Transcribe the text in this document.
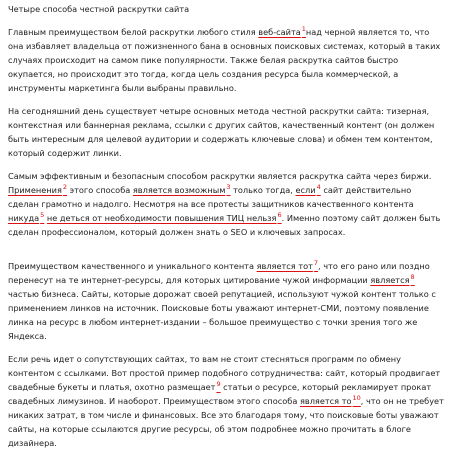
Четыре способа честной раскрутки сайта
Главным преимуществом белой раскрутки любого стиля веб-сайта$^1$над черной является то, что она избавляет владельца от пожизненного бана в основных поисковых системах, который в таких случаях происходит на самом пике популярности. Также белая раскрутка сайтов быстро окупается, но происходит это тогда, когда цель создания ресурса была коммерческой, а инструменты маркетинга были выбраны правильно.
На сегодняшний день существует четыре основных метода честной раскрутки сайта: тизерная, контекстная или баннерная реклама, ссылки с других сайтов, качественный контент (он должен быть интересным для целевой аудитории и содержать ключевые слова) и обмен тем контентом, который содержит линки.
Самым эффективным и безопасным способом раскрутки является раскрутка сайта через биржи. Применения$^2$ этого способа является возможным$^3$ только тогда, если$^4$ сайт действительно сделан грамотно и надолго. Несмотря на все протесты защитников качественного контента никуда$^5$ не деться от необходимости повышения ТИЦ нельзя$^6$. Именно поэтому сайт должен быть сделан профессионалом, который должен знать о SEO и ключевых запросах.
Преимуществом качественного и уникального контента является тот$^7$, что его рано или поздно перенесут на те интернет-ресурсы, для которых цитирование чужой информации является$^8$ частью бизнеса. Сайты, которые дорожат своей репутацией, используют чужой контент только с применением линков на источник. Поисковые боты уважают интернет-СМИ, поэтому появление линка на ресурс в любом интернет-издании – большое преимущество с точки зрения того же Яндекса.
Если речь идет о сопутствующих сайтах, то вам не стоит стесняться программ по обмену контентом с ссылками. Вот простой пример подобного сотрудничества: сайт, который продвигает свадебные букеты и платья, охотно размещает$^9$ статьи о ресурсе, который рекламирует прокат свадебных лимузинов. И наоборот. Преимуществом этого способа является $то^{10}$, что он не требует никаких затрат, в том числе и финансовых. Все это благодаря тому, что поисковые боты уважают сайты, на которые ссылаются другие ресурсы, об этом подробнее можно прочитать в блоге дизайнера.
